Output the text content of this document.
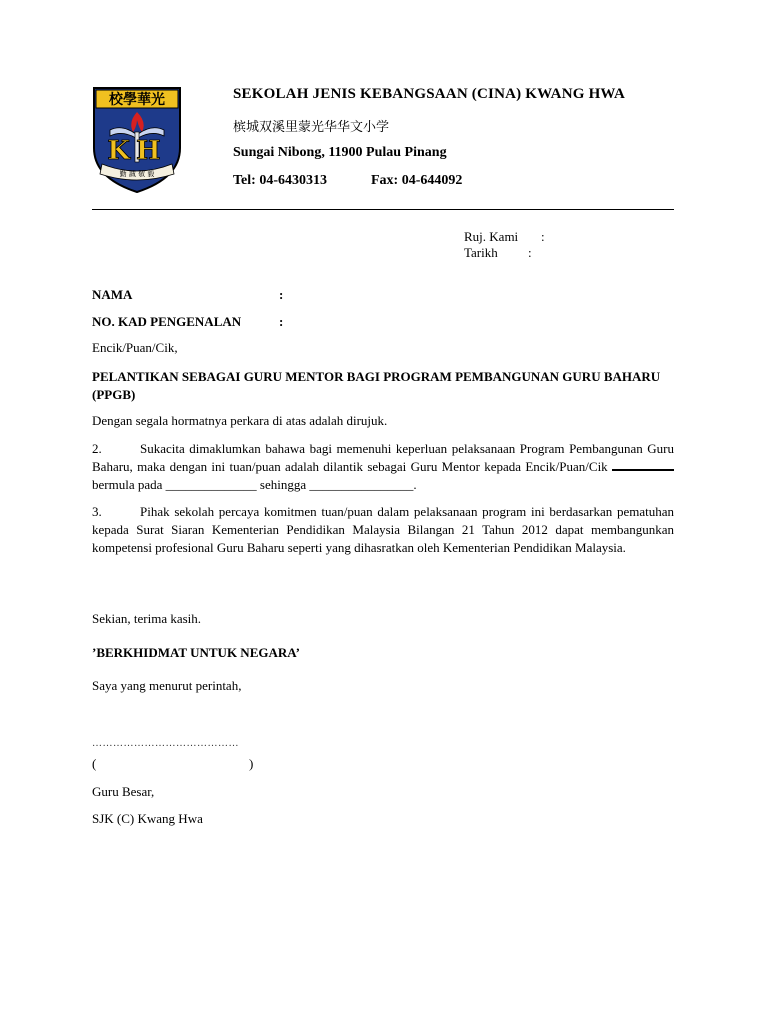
校學華光
KH
勤 誠 敬 毅
SEKOLAH JENIS KEBANGSAAN (CINA) KWANG HWA
槟城双溪里蒙光华华文小学
Sungai Nibong, 11900 Pulau Pinang
Tel: 04-6430313	Fax: 04-644092
Ruj. Kami :
Tarikh :
NAMA	:
NO. KAD PENGENALAN	:
Encik/Puan/Cik,
PELANTIKAN SEBAGAI GURU MENTOR BAGI PROGRAM PEMBANGUNAN GURU BAHARU (PPGB)
Dengan segala hormatnya perkara di atas adalah dirujuk.
2.	Sukacita dimaklumkan bahawa bagi memenuhi keperluan pelaksanaan Program Pembangunan Guru Baharu, maka dengan ini tuan/puan adalah dilantik sebagai Guru Mentor kepada Encik/Puan/Cik  bermula pada ______________ sehingga ________________.
3.	Pihak sekolah percaya komitmen tuan/puan dalam pelaksanaan program ini berdasarkan pematuhan kepada Surat Siaran Kementerian Pendidikan Malaysia Bilangan 21 Tahun 2012 dapat membangunkan kompetensi profesional Guru Baharu seperti yang dihasratkan oleh Kementerian Pendidikan Malaysia.
Sekian, terima kasih.
’BERKHIDMAT UNTUK NEGARA’
Saya yang menurut perintah,
……………………………………
(	)
Guru Besar,
SJK (C) Kwang Hwa
